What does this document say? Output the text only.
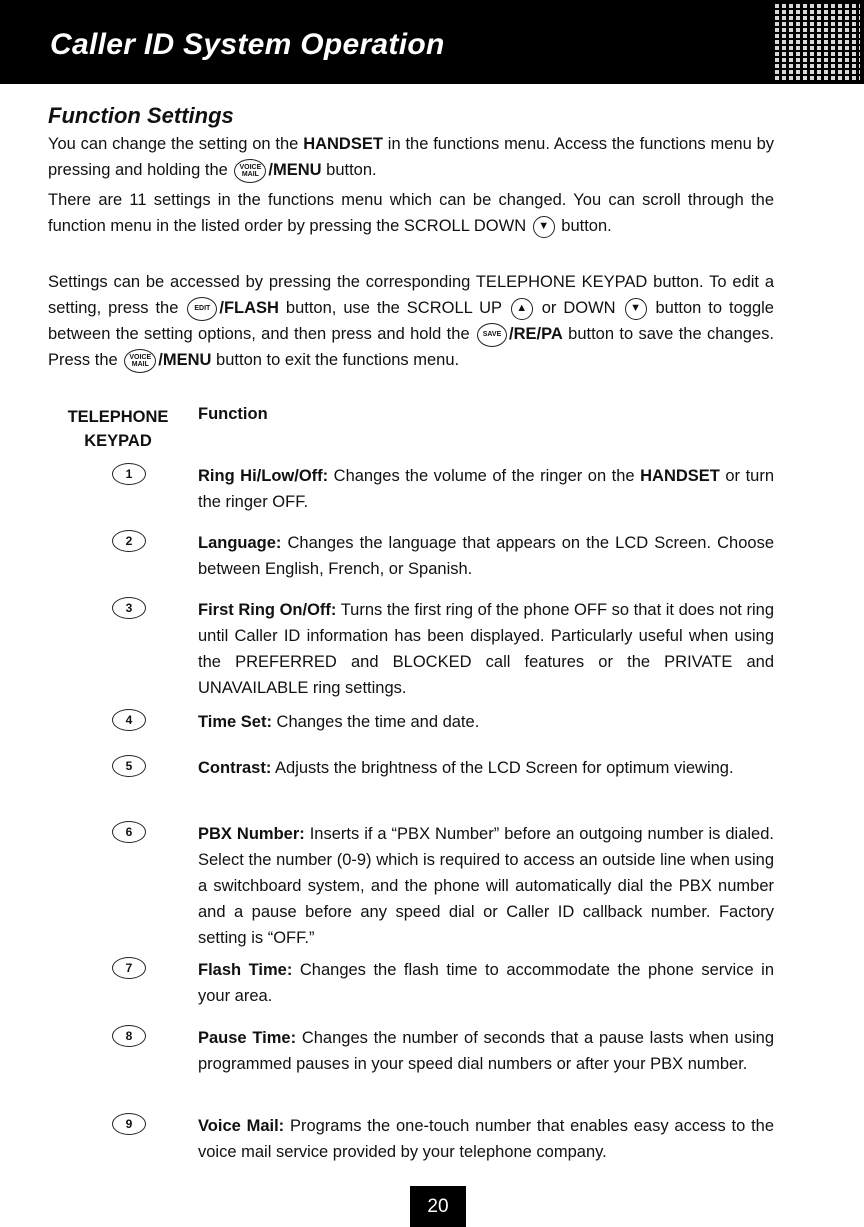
Caller ID System Operation
Function Settings
You can change the setting on the HANDSET in the functions menu. Access the functions menu by pressing and holding the VOICE MAIL /MENU button.
There are 11 settings in the functions menu which can be changed. You can scroll through the function menu in the listed order by pressing the SCROLL DOWN ▼ button.
Settings can be accessed by pressing the corresponding TELEPHONE KEYPAD button. To edit a setting, press the EDIT /FLASH button, use the SCROLL UP ▲ or DOWN ▼ button to toggle between the setting options, and then press and hold the SAVE /RE/PA button to save the changes. Press the VOICE MAIL /MENU button to exit the functions menu.
TELEPHONE KEYPAD
Function
1	Ring Hi/Low/Off: Changes the volume of the ringer on the HANDSET or turn the ringer OFF.
2	Language: Changes the language that appears on the LCD Screen. Choose between English, French, or Spanish.
3	First Ring On/Off: Turns the first ring of the phone OFF so that it does not ring until Caller ID information has been displayed. Particularly useful when using the PREFERRED and BLOCKED call features or the PRIVATE and UNAVAILABLE ring settings.
4	Time Set: Changes the time and date.
5	Contrast: Adjusts the brightness of the LCD Screen for optimum viewing.
6	PBX Number: Inserts if a “PBX Number” before an outgoing number is dialed. Select the number (0-9) which is required to access an outside line when using a switchboard system, and the phone will automatically dial the PBX number and a pause before any speed dial or Caller ID callback number. Factory setting is “OFF.”
7	Flash Time: Changes the flash time to accommodate the phone service in your area.
8	Pause Time: Changes the number of seconds that a pause lasts when using programmed pauses in your speed dial numbers or after your PBX number.
9	Voice Mail: Programs the one-touch number that enables easy access to the voice mail service provided by your telephone company.
20
